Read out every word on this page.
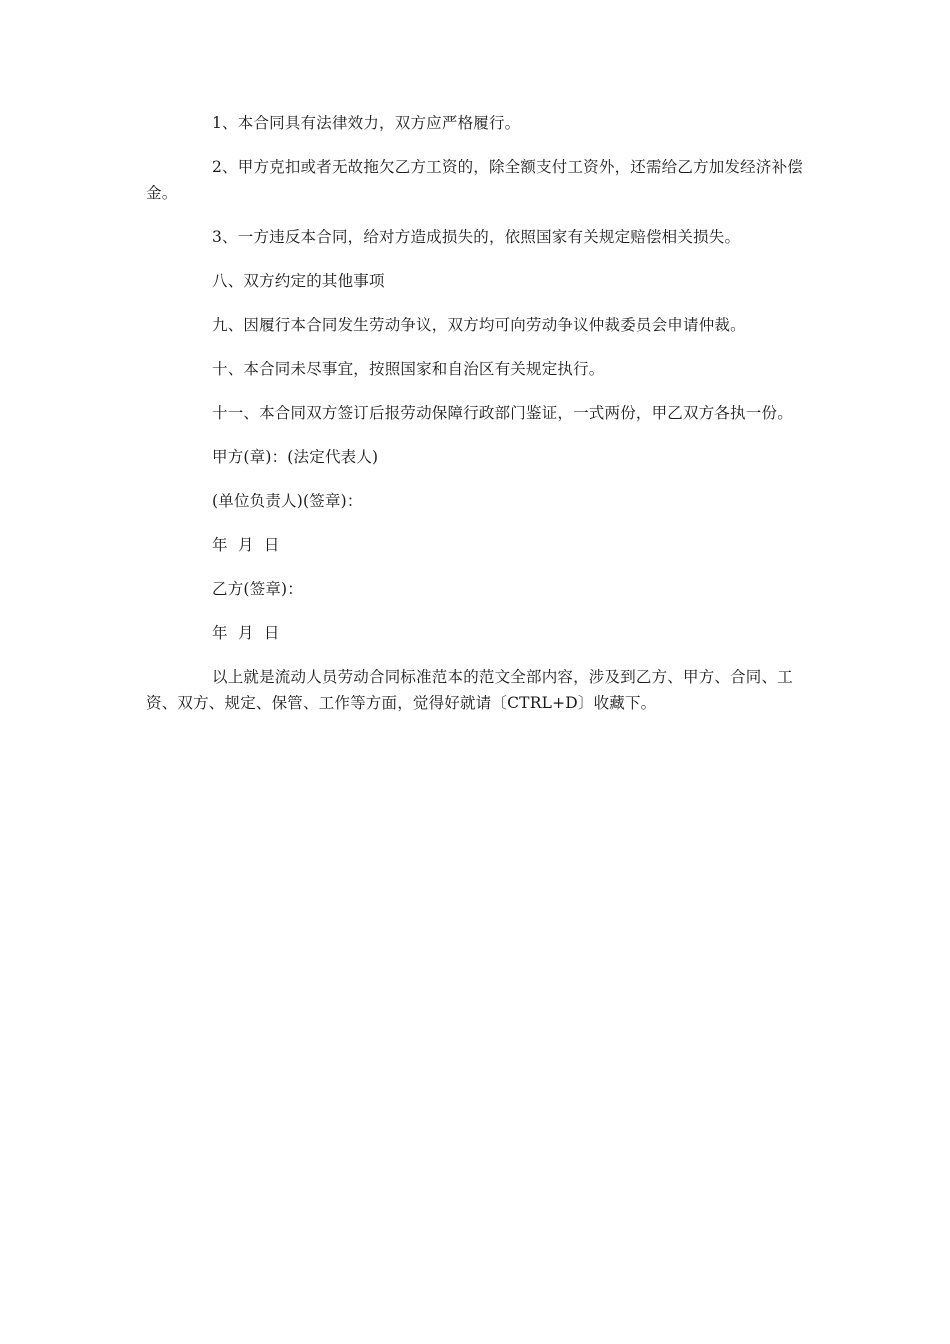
1、本合同具有法律效力，双方应严格履行。

2、甲方克扣或者无故拖欠乙方工资的，除全额支付工资外，还需给乙方加发经济补偿金。

3、一方违反本合同，给对方造成损失的，依照国家有关规定赔偿相关损失。

八、双方约定的其他事项

九、因履行本合同发生劳动争议，双方均可向劳动争议仲裁委员会申请仲裁。

十、本合同未尽事宜，按照国家和自治区有关规定执行。

十一、本合同双方签订后报劳动保障行政部门鉴证，一式两份，甲乙双方各执一份。

甲方(章)：(法定代表人)

(单位负责人)(签章)：

年  月  日

乙方(签章)：

年  月  日

以上就是流动人员劳动合同标准范本的范文全部内容，涉及到乙方、甲方、合同、工资、双方、规定、保管、工作等方面，觉得好就请〔CTRL+D〕收藏下。
